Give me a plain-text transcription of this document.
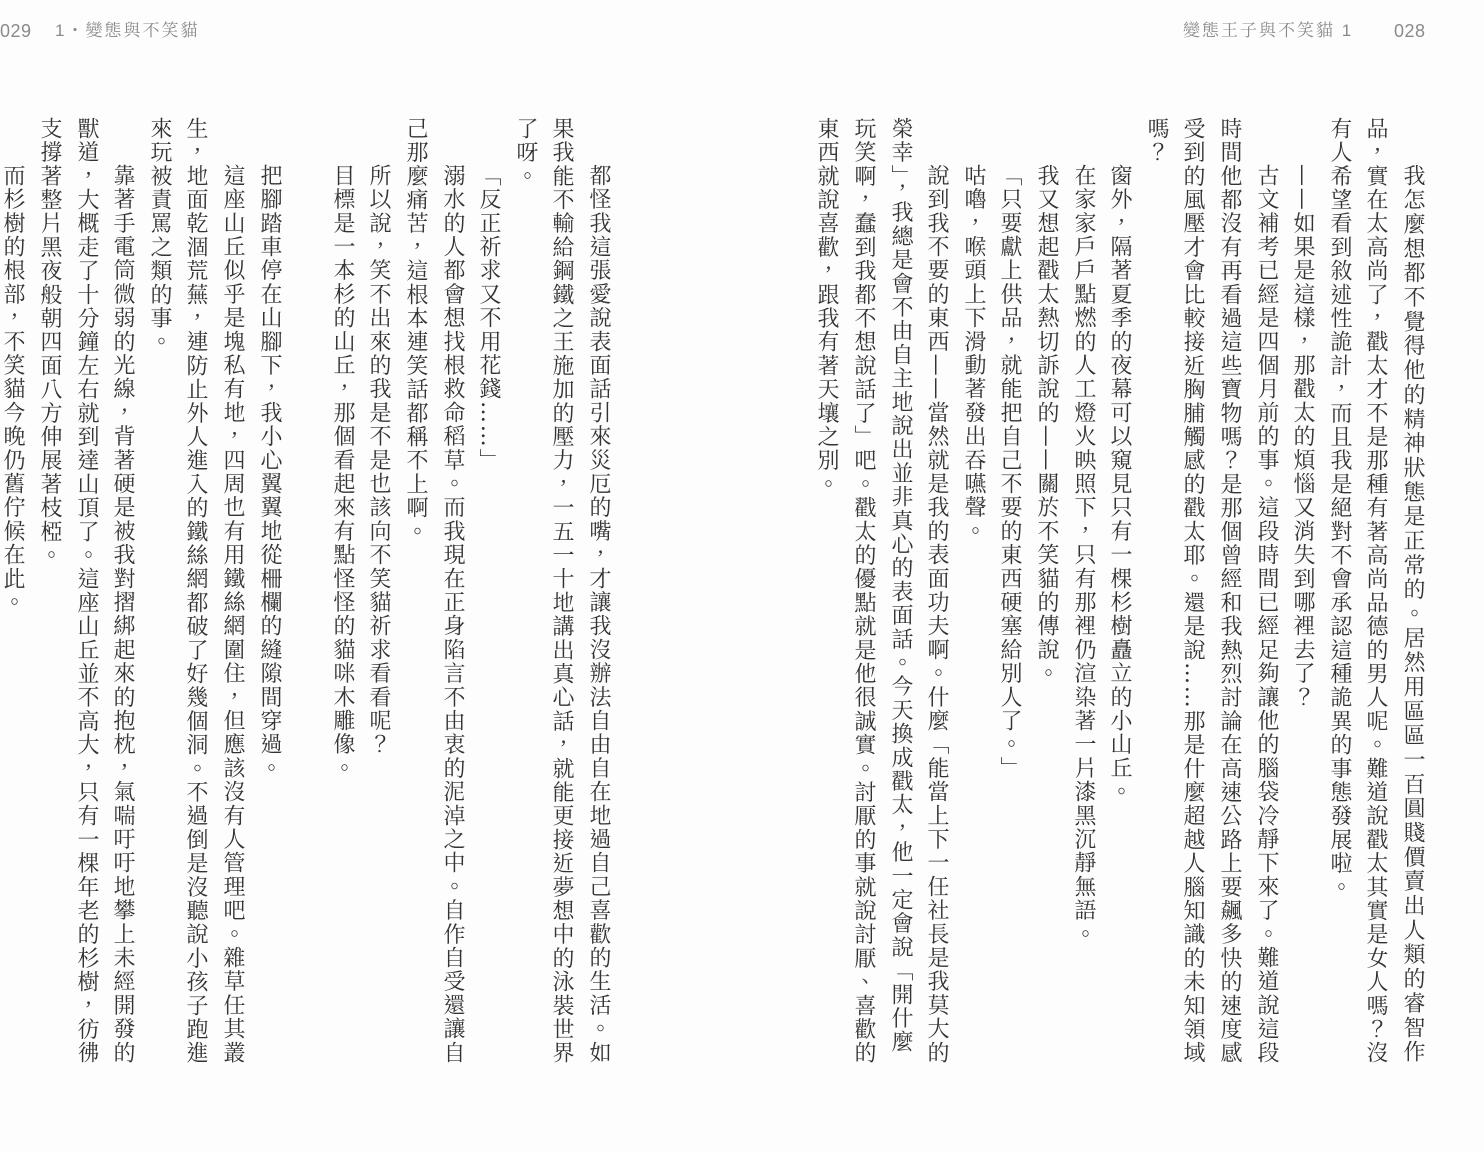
變態王子與不笑貓 1 028
我怎麼想都不覺得他的精神狀態是正常的。居然用區區一百圓賤價賣出人類的睿智作
品，實在太高尚了，戳太才不是那種有著高尚品德的男人呢。難道說戳太其實是女人嗎？沒
有人希望看到敘述性詭計，而且我是絕對不會承認這種詭異的事態發展啦。
——如果是這樣，那戳太的煩惱又消失到哪裡去了？
古文補考已經是四個月前的事。這段時間已經足夠讓他的腦袋冷靜下來了。難道說這段
時間他都沒有再看過這些寶物嗎？是那個曾經和我熱烈討論在高速公路上要飆多快的速度感
受到的風壓才會比較接近胸脯觸感的戳太耶。還是說……那是什麼超越人腦知識的未知領域
嗎？
窗外，隔著夏季的夜幕可以窺見只有一棵杉樹矗立的小山丘。
在家家戶戶點燃的人工燈火映照下，只有那裡仍渲染著一片漆黑沉靜無語。
我又想起戳太熱切訴說的——關於不笑貓的傳說。
「只要獻上供品，就能把自己不要的東西硬塞給別人了。」
咕嚕，喉頭上下滑動著發出吞嚥聲。
說到我不要的東西——當然就是我的表面功夫啊。什麼「能當上下一任社長是我莫大的
榮幸」，我總是會不由自主地說出並非真心的表面話。今天換成戳太，他一定會說「開什麼
玩笑啊，蠢到我都不想說話了」吧。戳太的優點就是他很誠實。討厭的事就說討厭、喜歡的
東西就說喜歡，跟我有著天壤之別。
029 1・變態與不笑貓
都怪我這張愛說表面話引來災厄的嘴，才讓我沒辦法自由自在地過自己喜歡的生活。如
果我能不輸給鋼鐵之王施加的壓力，一五一十地講出真心話，就能更接近夢想中的泳裝世界
了呀。
「反正祈求又不用花錢……」
溺水的人都會想找根救命稻草。而我現在正身陷言不由衷的泥淖之中。自作自受還讓自
己那麼痛苦，這根本連笑話都稱不上啊。
所以說，笑不出來的我是不是也該向不笑貓祈求看看呢？
目標是一本杉的山丘，那個看起來有點怪怪的貓咪木雕像。
把腳踏車停在山腳下，我小心翼翼地從柵欄的縫隙間穿過。
這座山丘似乎是塊私有地，四周也有用鐵絲網圍住，但應該沒有人管理吧。雜草任其叢
生，地面乾涸荒蕪，連防止外人進入的鐵絲網都破了好幾個洞。不過倒是沒聽說小孩子跑進
來玩被責罵之類的事。
靠著手電筒微弱的光線，背著硬是被我對摺綁起來的抱枕，氣喘吁吁地攀上未經開發的
獸道，大概走了十分鐘左右就到達山頂了。這座山丘並不高大，只有一棵年老的杉樹，彷彿
支撐著整片黑夜般朝四面八方伸展著枝椏。
而杉樹的根部，不笑貓今晚仍舊佇候在此。
